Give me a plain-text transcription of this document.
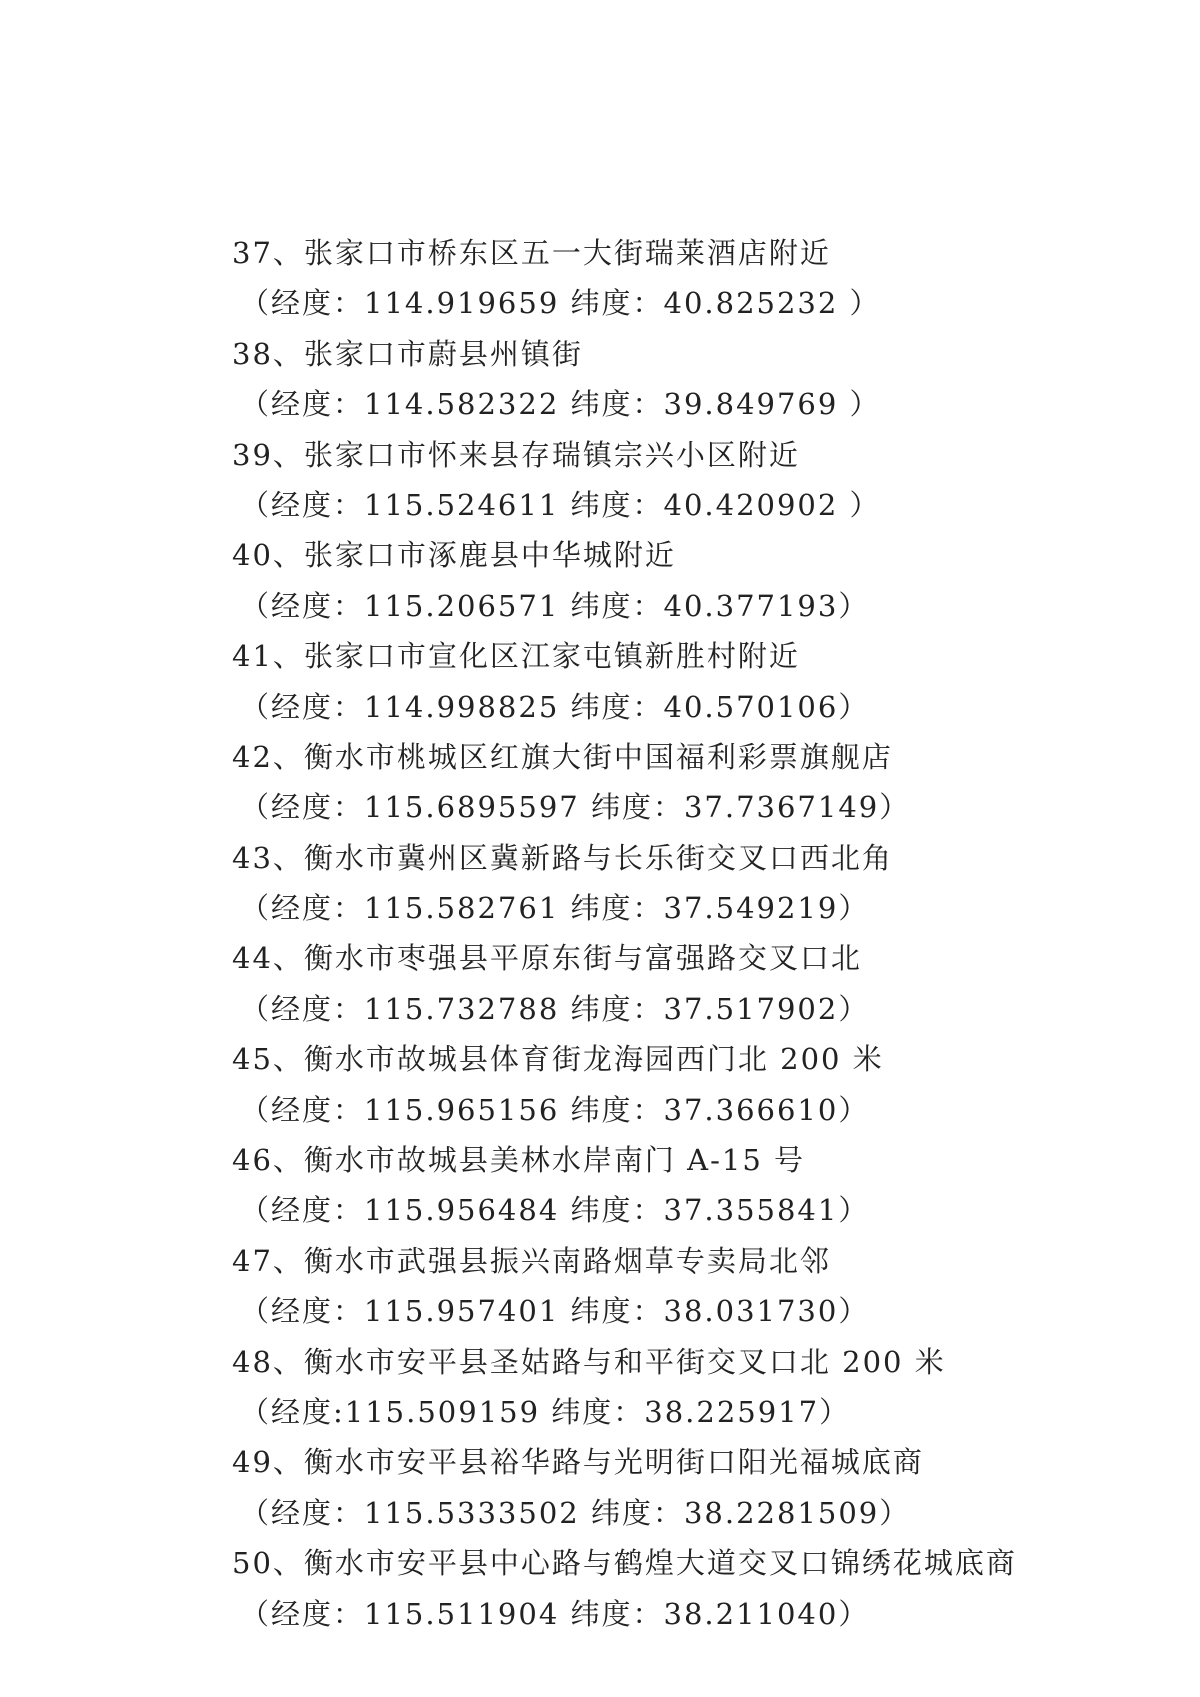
37、张家口市桥东区五一大街瑞莱酒店附近
（经度：114.919659 纬度：40.825232 ）
38、张家口市蔚县州镇街
（经度：114.582322 纬度：39.849769 ）
39、张家口市怀来县存瑞镇宗兴小区附近
（经度：115.524611 纬度：40.420902 ）
40、张家口市涿鹿县中华城附近
（经度：115.206571 纬度：40.377193）
41、张家口市宣化区江家屯镇新胜村附近
（经度：114.998825 纬度：40.570106）
42、衡水市桃城区红旗大街中国福利彩票旗舰店
（经度：115.6895597 纬度：37.7367149）
43、衡水市冀州区冀新路与长乐街交叉口西北角
（经度：115.582761 纬度：37.549219）
44、衡水市枣强县平原东街与富强路交叉口北
（经度：115.732788 纬度：37.517902）
45、衡水市故城县体育街龙海园西门北 200 米
（经度：115.965156 纬度：37.366610）
46、衡水市故城县美林水岸南门 A-15 号
（经度：115.956484 纬度：37.355841）
47、衡水市武强县振兴南路烟草专卖局北邻
（经度：115.957401 纬度：38.031730）
48、衡水市安平县圣姑路与和平街交叉口北 200 米
（经度:115.509159 纬度：38.225917）
49、衡水市安平县裕华路与光明街口阳光福城底商
（经度：115.5333502 纬度：38.2281509）
50、衡水市安平县中心路与鹤煌大道交叉口锦绣花城底商
（经度：115.511904 纬度：38.211040）
